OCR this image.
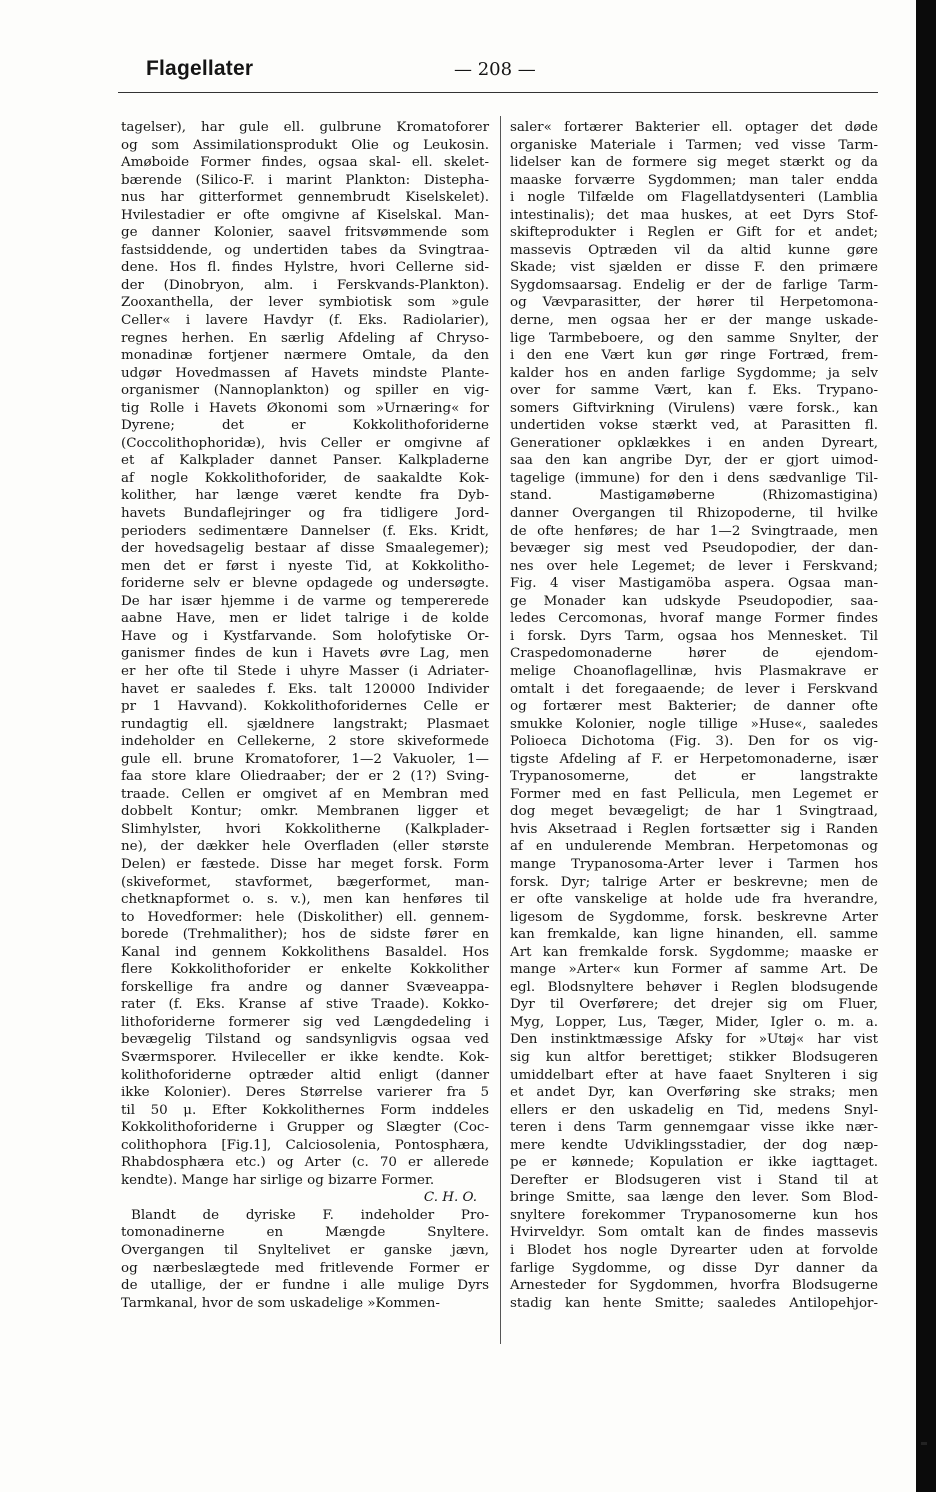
Flagellater	— 208 —
tagelser), har gule ell. gulbrune Kromatoforer
og som Assimilationsprodukt Olie og Leukosin.
Amøboide Former findes, ogsaa skal- ell. skelet-
bærende (Silico-F. i marint Plankton: Distepha-
nus har gitterformet gennembrudt Kiselskelet).
Hvilestadier er ofte omgivne af Kiselskal. Man-
ge danner Kolonier, saavel fritsvømmende som
fastsiddende, og undertiden tabes da Svingtraa-
dene. Hos fl. findes Hylstre, hvori Cellerne sid-
der (Dinobryon, alm. i Ferskvands-Plankton).
Zooxanthella, der lever symbiotisk som »gule
Celler« i lavere Havdyr (f. Eks. Radiolarier),
regnes herhen. En særlig Afdeling af Chryso-
monadinæ fortjener nærmere Omtale, da den
udgør Hovedmassen af Havets mindste Plante-
organismer (Nannoplankton) og spiller en vig-
tig Rolle i Havets Økonomi som »Urnæring« for
Dyrene; det er Kokkolithoforiderne
(Coccolithophoridæ), hvis Celler er omgivne af
et af Kalkplader dannet Panser. Kalkpladerne
af nogle Kokkolithoforider, de saakaldte Kok-
kolither, har længe været kendte fra Dyb-
havets Bundaflejringer og fra tidligere Jord-
perioders sedimentære Dannelser (f. Eks. Kridt,
der hovedsagelig bestaar af disse Smaalegemer);
men det er først i nyeste Tid, at Kokkolitho-
foriderne selv er blevne opdagede og undersøgte.
De har især hjemme i de varme og tempererede
aabne Have, men er lidet talrige i de kolde
Have og i Kystfarvande. Som holofytiske Or-
ganismer findes de kun i Havets øvre Lag, men
er her ofte til Stede i uhyre Masser (i Adriater-
havet er saaledes f. Eks. talt 120000 Individer
pr 1 Havvand). Kokkolithoforidernes Celle er
rundagtig ell. sjældnere langstrakt; Plasmaet
indeholder en Cellekerne, 2 store skiveformede
gule ell. brune Kromatoforer, 1—2 Vakuoler, 1—
faa store klare Oliedraaber; der er 2 (1?) Sving-
traade. Cellen er omgivet af en Membran med
dobbelt Kontur; omkr. Membranen ligger et
Slimhylster, hvori Kokkolitherne (Kalkplader-
ne), der dækker hele Overfladen (eller største
Delen) er fæstede. Disse har meget forsk. Form
(skiveformet, stavformet, bægerformet, man-
chetknapformet o. s. v.), men kan henføres til
to Hovedformer: hele (Diskolither) ell. gennem-
borede (Trehmalither); hos de sidste fører en
Kanal ind gennem Kokkolithens Basaldel. Hos
flere Kokkolithoforider er enkelte Kokkolither
forskellige fra andre og danner Svæveappa-
rater (f. Eks. Kranse af stive Traade). Kokko-
lithoforiderne formerer sig ved Længdedeling i
bevægelig Tilstand og sandsynligvis ogsaa ved
Sværmsporer. Hvileceller er ikke kendte. Kok-
kolithoforiderne optræder altid enligt (danner
ikke Kolonier). Deres Størrelse varierer fra 5
til 50 μ. Efter Kokkolithernes Form inddeles
Kokkolithoforiderne i Grupper og Slægter (Coc-
colithophora [Fig.1], Calciosolenia, Pontosphæra,
Rhabdosphæra etc.) og Arter (c. 70 er allerede
kendte). Mange har sirlige og bizarre Former.
C. H. O.
Blandt de dyriske F. indeholder Pro-
tomonadinerne en Mængde Snyltere.
Overgangen til Snyltelivet er ganske jævn,
og nærbeslægtede med fritlevende Former er
de utallige, der er fundne i alle mulige Dyrs
Tarmkanal, hvor de som uskadelige »Kommen-
saler« fortærer Bakterier ell. optager det døde
organiske Materiale i Tarmen; ved visse Tarm-
lidelser kan de formere sig meget stærkt og da
maaske forværre Sygdommen; man taler endda
i nogle Tilfælde om Flagellatdysenteri (Lamblia
intestinalis); det maa huskes, at eet Dyrs Stof-
skifteprodukter i Reglen er Gift for et andet;
massevis Optræden vil da altid kunne gøre
Skade; vist sjælden er disse F. den primære
Sygdomsaarsag. Endelig er der de farlige Tarm-
og Vævparasitter, der hører til Herpetomona-
derne, men ogsaa her er der mange uskade-
lige Tarmbeboere, og den samme Snylter, der
i den ene Vært kun gør ringe Fortræd, frem-
kalder hos en anden farlige Sygdomme; ja selv
over for samme Vært, kan f. Eks. Trypano-
somers Giftvirkning (Virulens) være forsk., kan
undertiden vokse stærkt ved, at Parasitten fl.
Generationer opklækkes i en anden Dyreart,
saa den kan angribe Dyr, der er gjort uimod-
tagelige (immune) for den i dens sædvanlige Til-
stand. Mastigamøberne (Rhizomastigina)
danner Overgangen til Rhizopoderne, til hvilke
de ofte henføres; de har 1—2 Svingtraade, men
bevæger sig mest ved Pseudopodier, der dan-
nes over hele Legemet; de lever i Ferskvand;
Fig. 4 viser Mastigamöba aspera. Ogsaa man-
ge Monader kan udskyde Pseudopodier, saa-
ledes Cercomonas, hvoraf mange Former findes
i forsk. Dyrs Tarm, ogsaa hos Mennesket. Til
Craspedomonaderne hører de ejendom-
melige Choanoflagellinæ, hvis Plasmakrave er
omtalt i det foregaaende; de lever i Ferskvand
og fortærer mest Bakterier; de danner ofte
smukke Kolonier, nogle tillige »Huse«, saaledes
Polioeca Dichotoma (Fig. 3). Den for os vig-
tigste Afdeling af F. er Herpetomonaderne, især
Trypanosomerne, det er langstrakte
Former med en fast Pellicula, men Legemet er
dog meget bevægeligt; de har 1 Svingtraad,
hvis Aksetraad i Reglen fortsætter sig i Randen
af en undulerende Membran. Herpetomonas og
mange Trypanosoma-Arter lever i Tarmen hos
forsk. Dyr; talrige Arter er beskrevne; men de
er ofte vanskelige at holde ude fra hverandre,
ligesom de Sygdomme, forsk. beskrevne Arter
kan fremkalde, kan ligne hinanden, ell. samme
Art kan fremkalde forsk. Sygdomme; maaske er
mange »Arter« kun Former af samme Art. De
egl. Blodsnyltere behøver i Reglen blodsugende
Dyr til Overførere; det drejer sig om Fluer,
Myg, Lopper, Lus, Tæger, Mider, Igler o. m. a.
Den instinktmæssige Afsky for »Utøj« har vist
sig kun altfor berettiget; stikker Blodsugeren
umiddelbart efter at have faaet Snylteren i sig
et andet Dyr, kan Overføring ske straks; men
ellers er den uskadelig en Tid, medens Snyl-
teren i dens Tarm gennemgaar visse ikke nær-
mere kendte Udviklingsstadier, der dog næp-
pe er kønnede; Kopulation er ikke iagttaget.
Derefter er Blodsugeren vist i Stand til at
bringe Smitte, saa længe den lever. Som Blod-
snyltere forekommer Trypanosomerne kun hos
Hvirveldyr. Som omtalt kan de findes massevis
i Blodet hos nogle Dyrearter uden at forvolde
farlige Sygdomme, og disse Dyr danner da
Arnesteder for Sygdommen, hvorfra Blodsugerne
stadig kan hente Smitte; saaledes Antilopehjor-
